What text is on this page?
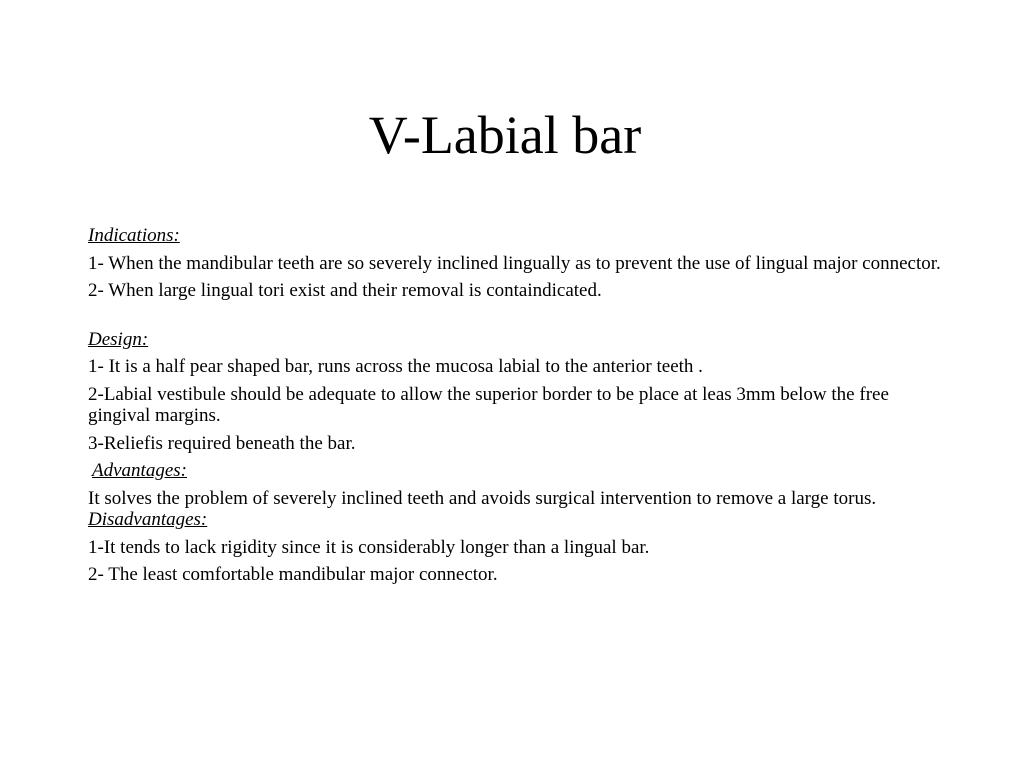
V-Labial bar

Indications:

1- When the mandibular teeth are so severely inclined lingually as to prevent the use of lingual major connector.

2- When large lingual tori exist and their removal is containdicated.

Design:

1- It is a half pear shaped bar, runs across the mucosa labial to the anterior teeth .

2-Labial vestibule should be adequate to allow the superior border to be place at leas 3mm below the free gingival margins.

3-Reliefis required beneath the bar.

Advantages:

It solves the problem of severely inclined teeth and avoids surgical intervention to remove a large torus.

Disadvantages:

1-It tends to lack rigidity since it is considerably longer than a lingual bar.

2- The least comfortable mandibular major connector.
